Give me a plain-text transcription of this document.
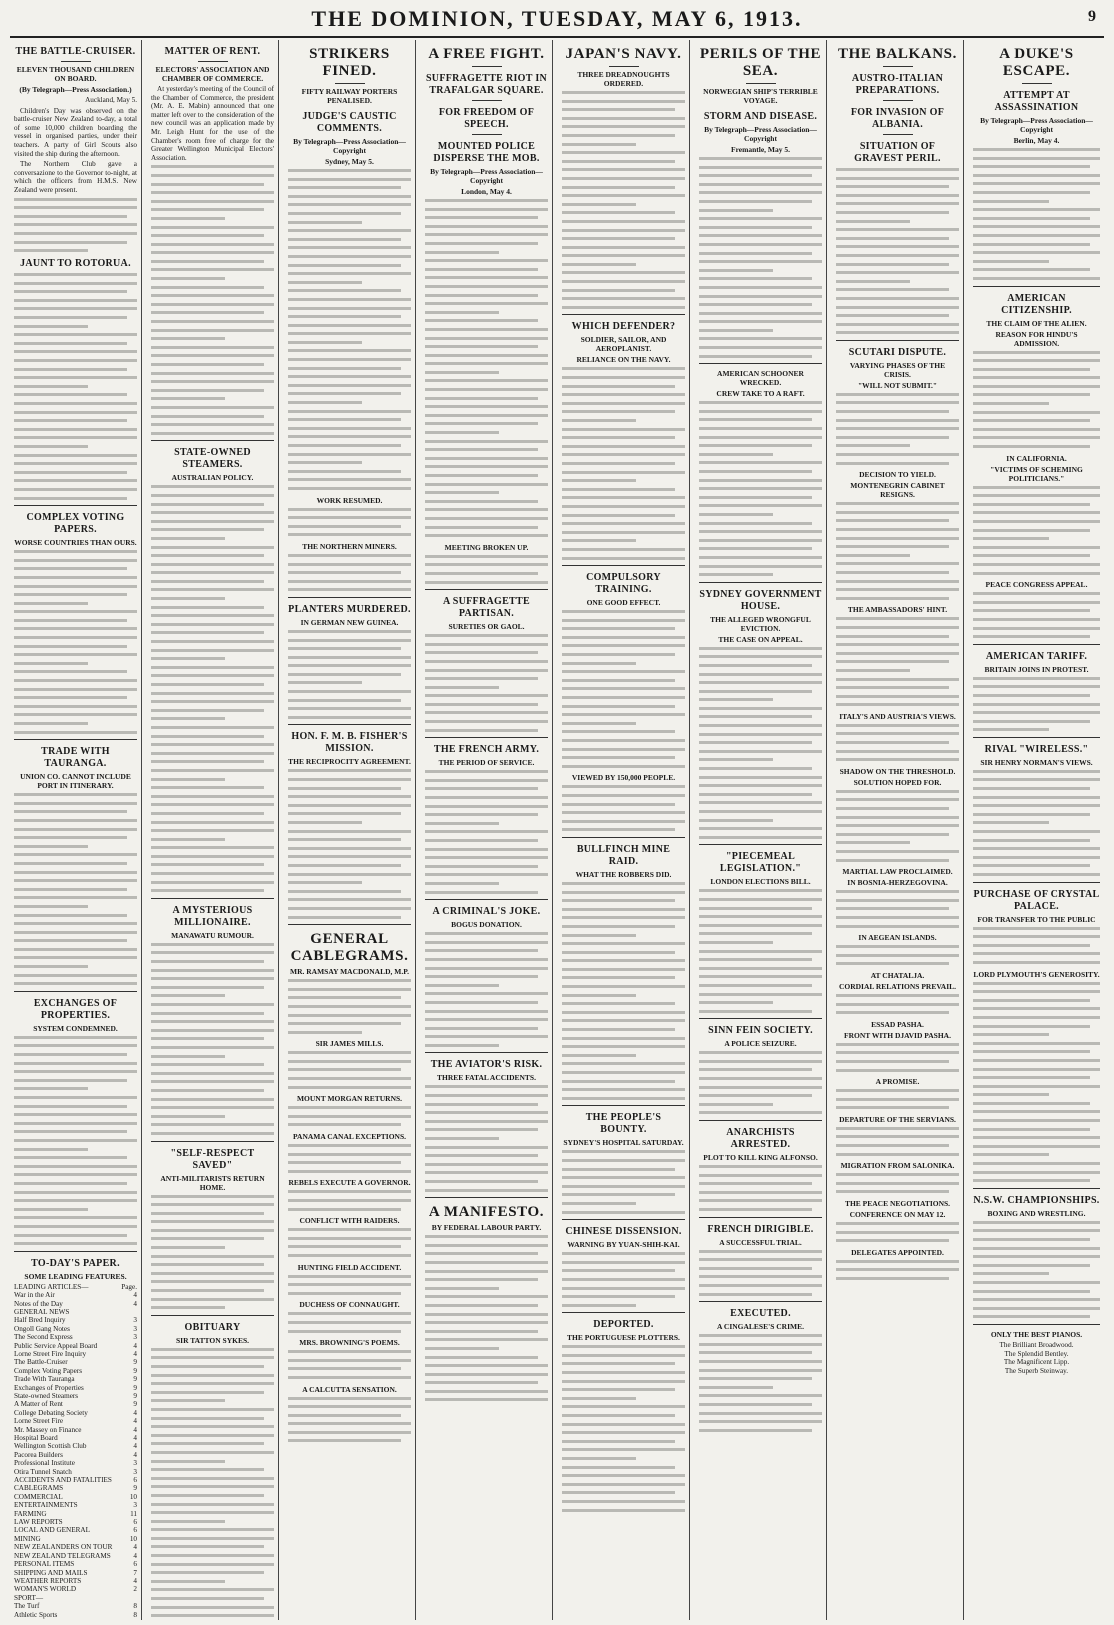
THE DOMINION, TUESDAY, MAY 6, 1913.	9
THE BATTLE-CRUISER.
ELEVEN THOUSAND CHILDREN ON BOARD.
(By Telegraph—Press Association.)

Auckland, May 5.

Children's Day was observed on the battle-cruiser New Zealand to-day, a total of some 10,000 children boarding the vessel in organised parties, under their teachers. A party of Girl Scouts also visited the ship during the afternoon.

The Northern Club gave a conversazione to the Governor to-night, at which the officers from H.M.S. New Zealand were present.

JAUNT TO ROTORUA.
COMPLEX VOTING PAPERS.
WORSE COUNTRIES THAN OURS.
TRADE WITH TAURANGA.
UNION CO. CANNOT INCLUDE PORT IN ITINERARY.
EXCHANGES OF PROPERTIES.
SYSTEM CONDEMNED.
TO-DAY'S PAPER.
SOME LEADING FEATURES.
LEADING ARTICLES—	Page.
War in the Air	4
Notes of the Day	4
GENERAL NEWS
Half Bred Inquiry	3
Ongoll Gang Notes	3
The Second Express	3
Public Service Appeal Board	4
Lorne Street Fire Inquiry	4
The Battle-Cruiser	9
Complex Voting Papers	9
Trade With Tauranga	9
Exchanges of Properties	9
State-owned Steamers	9
A Matter of Rent	9
College Debating Society	4
Lorne Street Fire	4
Mr. Massey on Finance	4
Hospital Board	4
Wellington Scottish Club	4
Pacorea Builders	4
Professional Institute	3
Otira Tunnel Snatch	3
ACCIDENTS AND FATALITIES	6
CABLEGRAMS	9
COMMERCIAL	10
ENTERTAINMENTS	3
FARMING	11
LAW REPORTS	6
LOCAL AND GENERAL	6
MINING	10
NEW ZEALANDERS ON TOUR	4
NEW ZEALAND TELEGRAMS	4
PERSONAL ITEMS	6
SHIPPING AND MAILS	7
WEATHER REPORTS	4
WOMAN'S WORLD	2
SPORT—
The Turf	8
Athletic Sports	8
MATTER OF RENT.
ELECTORS' ASSOCIATION AND CHAMBER OF COMMERCE.

At yesterday's meeting of the Council of the Chamber of Commerce, the president (Mr. A. E. Mabin) announced that one matter left over to the consideration of the new council was an application made by Mr. Leigh Hunt for the use of the Chamber's room free of charge for the Greater Wellington Municipal Electors' Association.

STATE-OWNED STEAMERS.
AUSTRALIAN POLICY.
A MYSTERIOUS MILLIONAIRE.
MANAWATU RUMOUR.
"SELF-RESPECT SAVED"
ANTI-MILITARISTS RETURN HOME.
OBITUARY
SIR TATTON SYKES.
STRIKERS FINED.
FIFTY RAILWAY PORTERS PENALISED.
JUDGE'S CAUSTIC COMMENTS.
By Telegraph—Press Association—Copyright
Sydney, May 5.
WORK RESUMED.
THE NORTHERN MINERS.
PLANTERS MURDERED.
IN GERMAN NEW GUINEA.
HON. F. M. B. FISHER'S MISSION.
THE RECIPROCITY AGREEMENT.
GENERAL CABLEGRAMS.
MR. RAMSAY MACDONALD, M.P.
SIR JAMES MILLS.
MOUNT MORGAN RETURNS.
PANAMA CANAL EXCEPTIONS.
REBELS EXECUTE A GOVERNOR.
CONFLICT WITH RAIDERS.
HUNTING FIELD ACCIDENT.
DUCHESS OF CONNAUGHT.
MRS. BROWNING'S POEMS.
A CALCUTTA SENSATION.
A FREE FIGHT.
SUFFRAGETTE RIOT IN TRAFALGAR SQUARE.
FOR FREEDOM OF SPEECH.
MOUNTED POLICE DISPERSE THE MOB.
By Telegraph—Press Association—Copyright
London, May 4.
MEETING BROKEN UP.
A SUFFRAGETTE PARTISAN.
SURETIES OR GAOL.
THE FRENCH ARMY.
THE PERIOD OF SERVICE.
A CRIMINAL'S JOKE.
BOGUS DONATION.
THE AVIATOR'S RISK.
THREE FATAL ACCIDENTS.
A MANIFESTO.
BY FEDERAL LABOUR PARTY.
JAPAN'S NAVY.
THREE DREADNOUGHTS ORDERED.
WHICH DEFENDER?
SOLDIER, SAILOR, AND AEROPLANIST.
RELIANCE ON THE NAVY.
COMPULSORY TRAINING.
ONE GOOD EFFECT.
VIEWED BY 150,000 PEOPLE.
BULLFINCH MINE RAID.
WHAT THE ROBBERS DID.
THE PEOPLE'S BOUNTY.
SYDNEY'S HOSPITAL SATURDAY.
CHINESE DISSENSION.
WARNING BY YUAN-SHIH-KAI.
DEPORTED.
THE PORTUGUESE PLOTTERS.
PERILS OF THE SEA.
NORWEGIAN SHIP'S TERRIBLE VOYAGE.
STORM AND DISEASE.
By Telegraph—Press Association—Copyright
Fremantle, May 5.
AMERICAN SCHOONER WRECKED.
CREW TAKE TO A RAFT.
SYDNEY GOVERNMENT HOUSE.
THE ALLEGED WRONGFUL EVICTION.
THE CASE ON APPEAL.
"PIECEMEAL LEGISLATION."
LONDON ELECTIONS BILL.
SINN FEIN SOCIETY.
A POLICE SEIZURE.
ANARCHISTS ARRESTED.
PLOT TO KILL KING ALFONSO.
FRENCH DIRIGIBLE.
A SUCCESSFUL TRIAL.
EXECUTED.
A CINGALESE'S CRIME.
THE BALKANS.
AUSTRO-ITALIAN PREPARATIONS.
FOR INVASION OF ALBANIA.
SITUATION OF GRAVEST PERIL.
SCUTARI DISPUTE.
VARYING PHASES OF THE CRISIS.
"WILL NOT SUBMIT."
DECISION TO YIELD.
MONTENEGRIN CABINET RESIGNS.
THE AMBASSADORS' HINT.
ITALY'S AND AUSTRIA'S VIEWS.
SHADOW ON THE THRESHOLD.
SOLUTION HOPED FOR.
MARTIAL LAW PROCLAIMED.
IN BOSNIA-HERZEGOVINA.
IN AEGEAN ISLANDS.
AT CHATALJA.
CORDIAL RELATIONS PREVAIL.
ESSAD PASHA.
FRONT WITH DJAVID PASHA.
A PROMISE.
DEPARTURE OF THE SERVIANS.
MIGRATION FROM SALONIKA.
THE PEACE NEGOTIATIONS.
CONFERENCE ON MAY 12.
DELEGATES APPOINTED.
A DUKE'S ESCAPE.
ATTEMPT AT ASSASSINATION
By Telegraph—Press Association—Copyright
Berlin, May 4.
AMERICAN CITIZENSHIP.
THE CLAIM OF THE ALIEN.
REASON FOR HINDU'S ADMISSION.
IN CALIFORNIA.
"VICTIMS OF SCHEMING POLITICIANS."
PEACE CONGRESS APPEAL.
AMERICAN TARIFF.
BRITAIN JOINS IN PROTEST.
RIVAL "WIRELESS."
SIR HENRY NORMAN'S VIEWS.
PURCHASE OF CRYSTAL PALACE.
FOR TRANSFER TO THE PUBLIC
LORD PLYMOUTH'S GENEROSITY.
N.S.W. CHAMPIONSHIPS.
BOXING AND WRESTLING.
ONLY THE BEST PIANOS.
The Brilliant Broadwood.
The Splendid Bentley.
The Magnificent Lipp.
The Superb Steinway.
